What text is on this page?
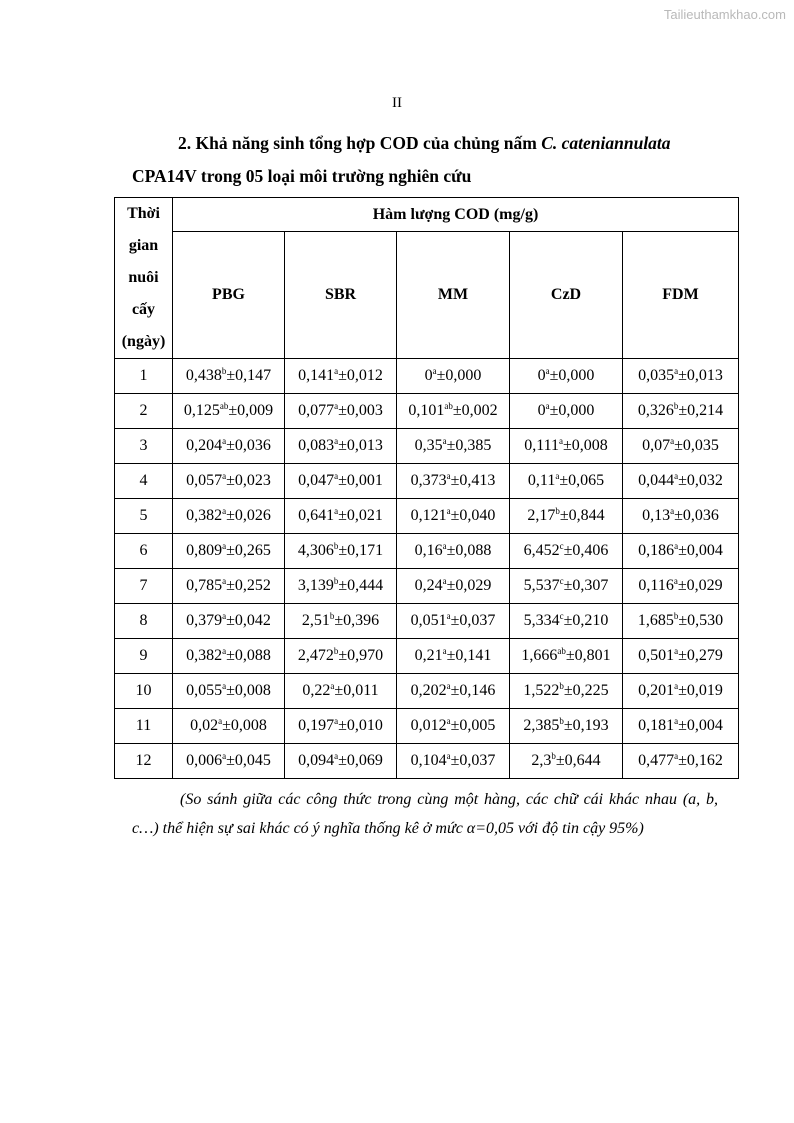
Tailieuthamkhao.com
II
2. Khả năng sinh tổng hợp COD của chủng nấm C. cateniannulata
CPA14V trong 05 loại môi trường nghiên cứu
Thời
gian
nuôi
cấy
(ngày)	Hàm lượng COD (mg/g)				
	PBG	SBR	MM	CzD	FDM
1	0,438$^b$±0,147	0,141$^a$±0,012	$0^a\pm 0,000$	$0^a\pm 0,000$	0,035$^a$±0,013
2	0,125$^{ab}$±0,009	0,077$^a$±0,003	0,101$^{ab}$±0,002	$0^a\pm 0,000$	0,326$^b$±0,214
3	0,204$^a$±0,036	0,083$^a$±0,013	0,35$^a$±0,385	0,111$^a$±0,008	0,07$^a$±0,035
4	0,057$^a$±0,023	0,047$^a$±0,001	0,373$^a$±0,413	0,11$^a$±0,065	0,044$^a$±0,032
5	0,382$^a$±0,026	0,641$^a$±0,021	0,121$^a$±0,040	2,17$^b$±0,844	0,13$^a$±0,036
6	0,809$^a$±0,265	4,306$^b$±0,171	0,16$^a$±0,088	6,452$^c$±0,406	0,186$^a$±0,004
7	0,785$^a$±0,252	3,139$^b$±0,444	0,24$^a$±0,029	5,537$^c$±0,307	0,116$^a$±0,029
8	0,379$^a$±0,042	2,51$^b$±0,396	0,051$^a$±0,037	5,334$^c$±0,210	1,685$^b$±0,530
9	0,382$^a$±0,088	2,472$^b$±0,970	0,21$^a$±0,141	1,666$^{ab}$±0,801	0,501$^a$±0,279
10	0,055$^a$±0,008	0,22$^a$±0,011	0,202$^a$±0,146	1,522$^b$±0,225	0,201$^a$±0,019
11	0,02$^a$±0,008	0,197$^a$±0,010	0,012$^a$±0,005	2,385$^b$±0,193	0,181$^a$±0,004
12	0,006$^a$±0,045	0,094$^a$±0,069	0,104$^a$±0,037	2,3$^b$±0,644	0,477$^a$±0,162
(So sánh giữa các công thức trong cùng một hàng, các chữ cái khác nhau (a, b, c…) thể hiện sự sai khác có ý nghĩa thống kê ở mức α=0,05 với độ tin cậy 95%)
